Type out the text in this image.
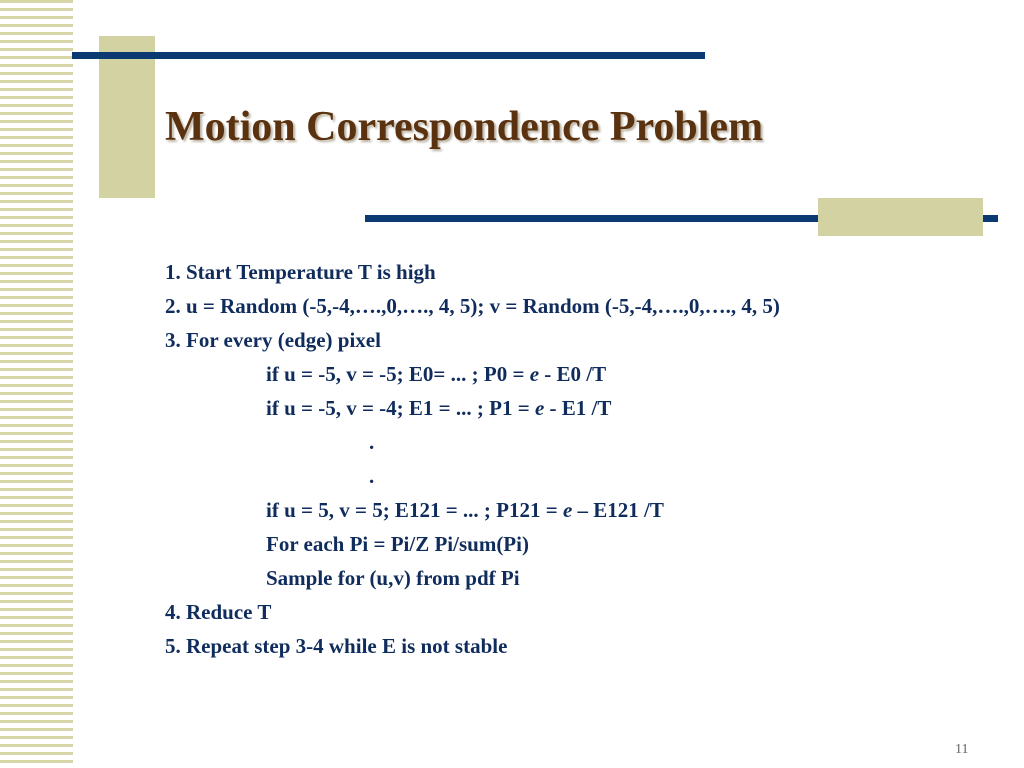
Motion Correspondence Problem
1. Start Temperature T is high
2. u = Random (-5,-4,….,0,…., 4, 5); v = Random (-5,-4,….,0,…., 4, 5)
3. For every (edge) pixel
if u = -5, v = -5; E0= ... ; P0 = e - E0 /T
if u = -5, v = -4; E1 = ... ; P1 = e - E1 /T
.
.
if u = 5, v = 5; E121 = ... ; P121 = e – E121 /T
For each Pi = Pi/Z Pi/sum(Pi)
Sample for (u,v) from pdf Pi
4. Reduce T
5. Repeat step 3-4 while E is not stable
11
